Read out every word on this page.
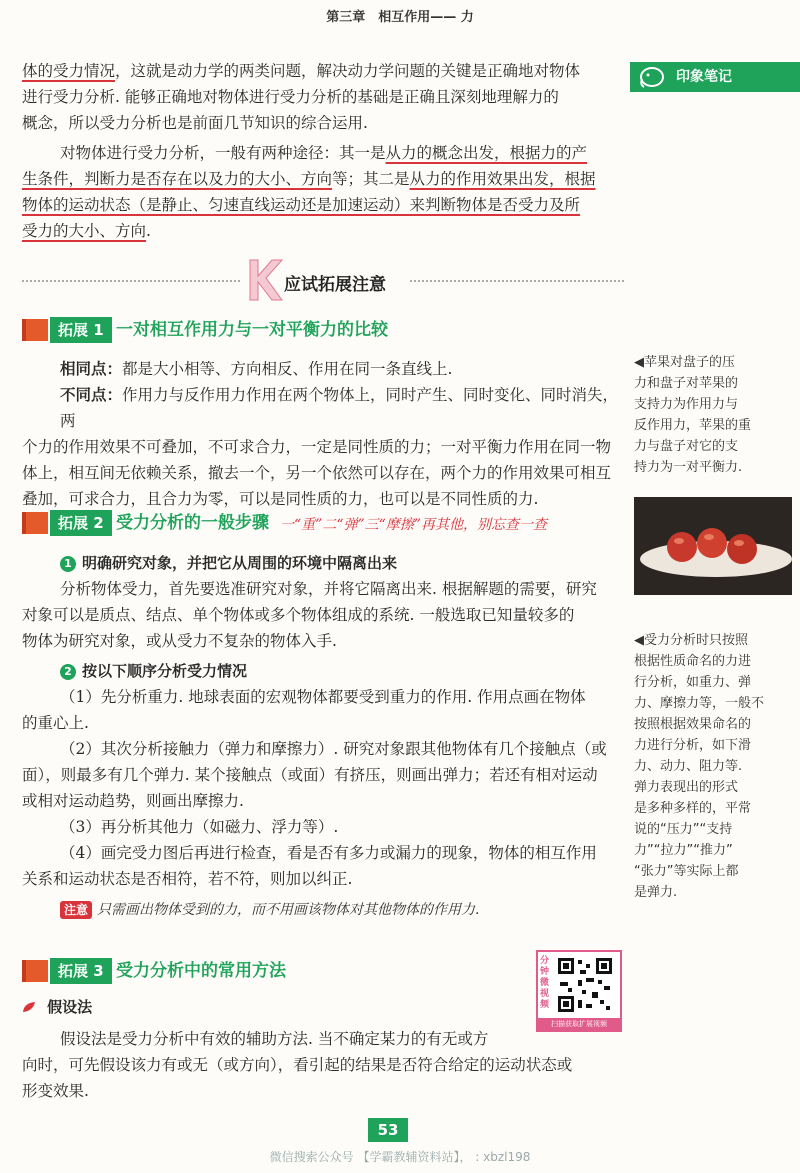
第三章　相互作用—— 力
体的受力情况，这就是动力学的两类问题，解决动力学问题的关键是正确地对物体
进行受力分析. 能够正确地对物体进行受力分析的基础是正确且深刻地理解力的
概念，所以受力分析也是前面几节知识的综合运用.
对物体进行受力分析，一般有两种途径：其一是从力的概念出发，根据力的产
生条件，判断力是否存在以及力的大小、方向等；其二是从力的作用效果出发，根据
物体的运动状态（是静止、匀速直线运动还是加速运动）来判断物体是否受力及所
受力的大小、方向.
印象笔记
应试拓展注意
拓展 1 一对相互作用力与一对平衡力的比较
相同点：都是大小相等、方向相反、作用在同一条直线上.
不同点：作用力与反作用力作用在两个物体上，同时产生、同时变化、同时消失，两
个力的作用效果不可叠加，不可求合力，一定是同性质的力；一对平衡力作用在同一物
体上，相互间无依赖关系，撤去一个，另一个依然可以存在，两个力的作用效果可相互
叠加，可求合力，且合力为零，可以是同性质的力，也可以是不同性质的力.
◀苹果对盘子的压
力和盘子对苹果的
支持力为作用力与
反作用力，苹果的重
力与盘子对它的支
持力为一对平衡力.
拓展 2 受力分析的一般步骤 一“重”二“弹”三“摩擦”再其他，别忘查一查
1 明确研究对象，并把它从周围的环境中隔离出来
分析物体受力，首先要选准研究对象，并将它隔离出来. 根据解题的需要，研究
对象可以是质点、结点、单个物体或多个物体组成的系统. 一般选取已知量较多的
物体为研究对象，或从受力不复杂的物体入手.
2 按以下顺序分析受力情况
（1）先分析重力. 地球表面的宏观物体都要受到重力的作用. 作用点画在物体
的重心上.
（2）其次分析接触力（弹力和摩擦力）. 研究对象跟其他物体有几个接触点（或
面），则最多有几个弹力. 某个接触点（或面）有挤压，则画出弹力；若还有相对运动
或相对运动趋势，则画出摩擦力.
（3）再分析其他力（如磁力、浮力等）.
（4）画完受力图后再进行检查，看是否有多力或漏力的现象，物体的相互作用
关系和运动状态是否相符，若不符，则加以纠正.
注意 只需画出物体受到的力，而不用画该物体对其他物体的作用力.
◀受力分析时只按照
根据性质命名的力进
行分析，如重力、弹
力、摩擦力等，一般不
按照根据效果命名的
力进行分析，如下滑
力、动力、阻力等.
弹力表现出的形式
是多种多样的，平常
说的“压力”“支持
力”“拉力”“推力”
“张力”等实际上都
是弹力.
拓展 3 受力分析中的常用方法	分钟微视频
扫描获取扩展视频
假设法
假设法是受力分析中有效的辅助方法. 当不确定某力的有无或方
向时，可先假设该力有或无（或方向），看引起的结果是否符合给定的运动状态或
形变效果.
53
微信搜索公众号 【学霸教辅资料站】， : xbzl198
